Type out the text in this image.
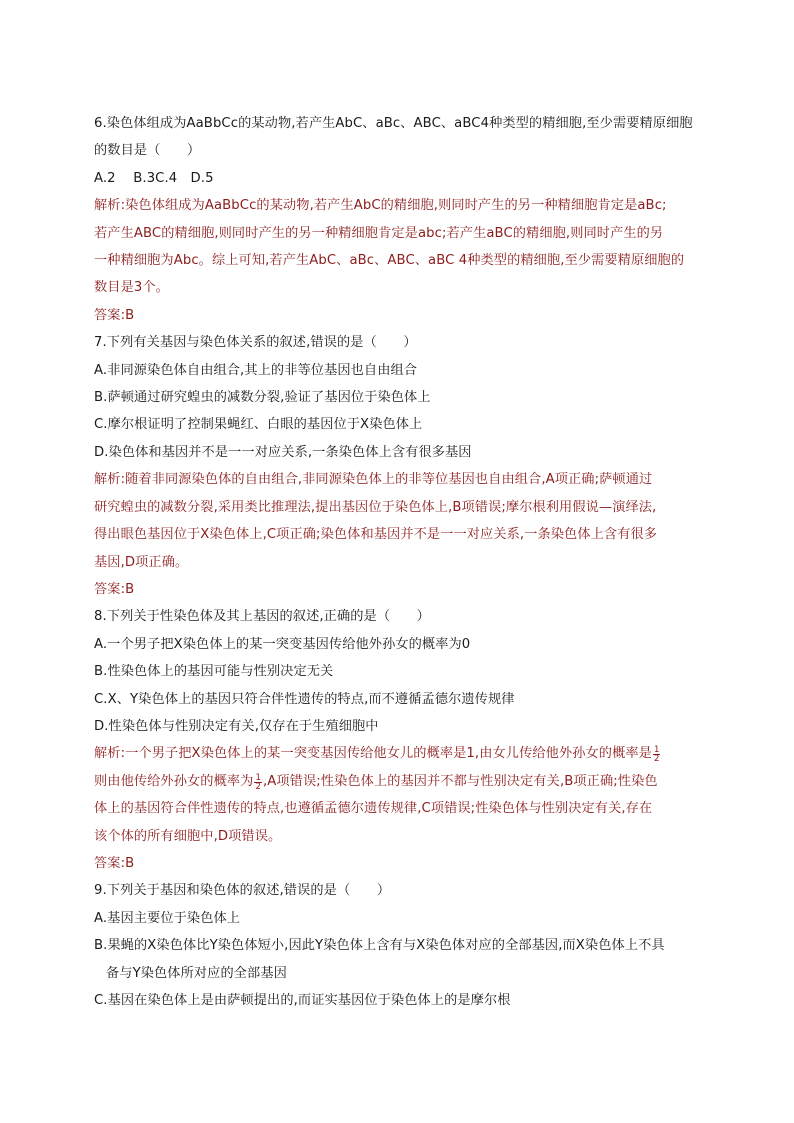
6.染色体组成为AaBbCc的某动物,若产生AbC、aBc、ABC、aBC4种类型的精细胞,至少需要精原细胞
的数目是（　　）
A.2　 B.3C.4　D.5
解析:染色体组成为AaBbCc的某动物,若产生AbC的精细胞,则同时产生的另一种精细胞肯定是aBc;
若产生ABC的精细胞,则同时产生的另一种精细胞肯定是abc;若产生aBC的精细胞,则同时产生的另
一种精细胞为Abc。综上可知,若产生AbC、aBc、ABC、aBC 4种类型的精细胞,至少需要精原细胞的
数目是3个。
答案:B
7.下列有关基因与染色体关系的叙述,错误的是（　　）
A.非同源染色体自由组合,其上的非等位基因也自由组合
B.萨顿通过研究蝗虫的减数分裂,验证了基因位于染色体上
C.摩尔根证明了控制果蝇红、白眼的基因位于X染色体上
D.染色体和基因并不是一一对应关系,一条染色体上含有很多基因
解析:随着非同源染色体的自由组合,非同源染色体上的非等位基因也自由组合,A项正确;萨顿通过
研究蝗虫的减数分裂,采用类比推理法,提出基因位于染色体上,B项错误;摩尔根利用假说—演绎法,
得出眼色基因位于X染色体上,C项正确;染色体和基因并不是一一对应关系,一条染色体上含有很多
基因,D项正确。
答案:B
8.下列关于性染色体及其上基因的叙述,正确的是（　　）
A.一个男子把X染色体上的某一突变基因传给他外孙女的概率为0
B.性染色体上的基因可能与性别决定无关
C.X、Y染色体上的基因只符合伴性遗传的特点,而不遵循孟德尔遗传规律
D.性染色体与性别决定有关,仅存在于生殖细胞中
解析:一个男子把X染色体上的某一突变基因传给他女儿的概率是1,由女儿传给他外孙女的概率是 $\frac{1}{2}$
则由他传给外孙女的概率为 $\frac{1}{2} ,A$项错误;性染色体上的基因并不都与性别决定有关,B项正确;性染色
体上的基因符合伴性遗传的特点,也遵循孟德尔遗传规律,C项错误;性染色体与性别决定有关,存在
该个体的所有细胞中,D项错误。
答案:B
9.下列关于基因和染色体的叙述,错误的是（　　）
A.基因主要位于染色体上
B.果蝇的X染色体比Y染色体短小,因此Y染色体上含有与X染色体对应的全部基因,而X染色体上不具
备与Y染色体所对应的全部基因
C.基因在染色体上是由萨顿提出的,而证实基因位于染色体上的是摩尔根
